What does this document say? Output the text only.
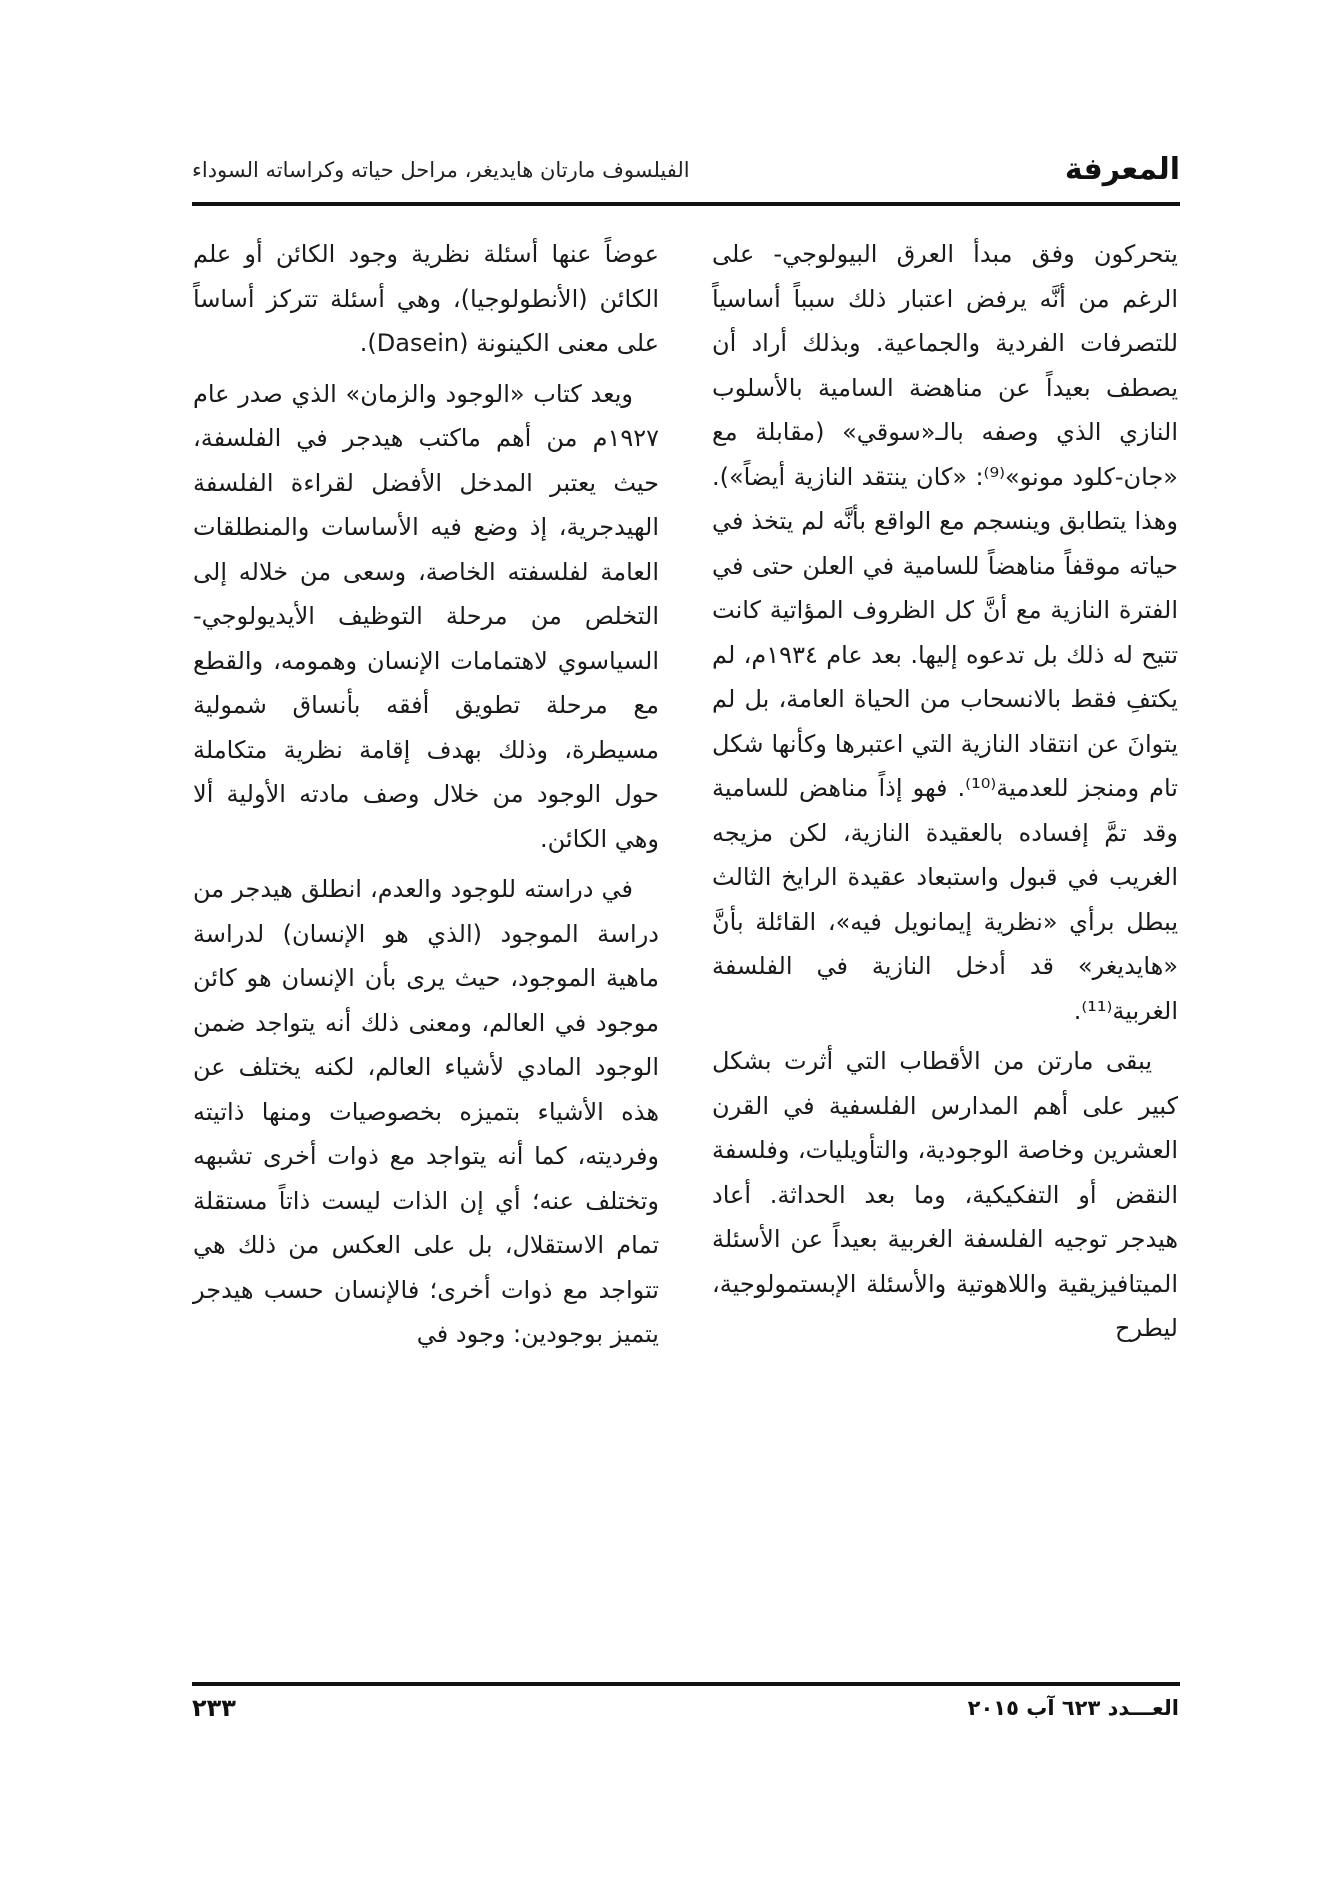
المعرفة
الفيلسوف مارتان هايديغر، مراحل حياته وكراساته السوداء

يتحركون وفق مبدأ العرق البيولوجي- على الرغم من أنَّه يرفض اعتبار ذلك سبباً أساسياً للتصرفات الفردية والجماعية. وبذلك أراد أن يصطف بعيداً عن مناهضة السامية بالأسلوب النازي الذي وصفه بالـ«سوقي» (مقابلة مع «جان-كلود مونو»⁽⁹⁾: «كان ينتقد النازية أيضاً»). وهذا يتطابق وينسجم مع الواقع بأنَّه لم يتخذ في حياته موقفاً مناهضاً للسامية في العلن حتى في الفترة النازية مع أنَّ كل الظروف المؤاتية كانت تتيح له ذلك بل تدعوه إليها. بعد عام ١٩٣٤م، لم يكتفِ فقط بالانسحاب من الحياة العامة، بل لم يتوانَ عن انتقاد النازية التي اعتبرها وكأنها شكل تام ومنجز للعدمية⁽¹⁰⁾. فهو إذاً مناهض للسامية وقد تمَّ إفساده بالعقيدة النازية، لكن مزيجه الغريب في قبول واستبعاد عقيدة الرايخ الثالث يبطل برأي «نظرية إيمانويل فيه»، القائلة بأنَّ «هايديغر» قد أدخل النازية في الفلسفة الغربية⁽¹¹⁾.

يبقى مارتن من الأقطاب التي أثرت بشكل كبير على أهم المدارس الفلسفية في القرن العشرين وخاصة الوجودية، والتأويليات، وفلسفة النقض أو التفكيكية، وما بعد الحداثة. أعاد هيدجر توجيه الفلسفة الغربية بعيداً عن الأسئلة الميتافيزيقية واللاهوتية والأسئلة الإبستمولوجية، ليطرح

عوضاً عنها أسئلة نظرية وجود الكائن أو علم الكائن (الأنطولوجيا)، وهي أسئلة تتركز أساساً على معنى الكينونة (Dasein).

ويعد كتاب «الوجود والزمان» الذي صدر عام ١٩٢٧م من أهم ماكتب هيدجر في الفلسفة، حيث يعتبر المدخل الأفضل لقراءة الفلسفة الهيدجرية، إذ وضع فيه الأساسات والمنطلقات العامة لفلسفته الخاصة، وسعى من خلاله إلى التخلص من مرحلة التوظيف الأيديولوجي-السياسوي لاهتمامات الإنسان وهمومه، والقطع مع مرحلة تطويق أفقه بأنساق شمولية مسيطرة، وذلك بهدف إقامة نظرية متكاملة حول الوجود من خلال وصف مادته الأولية ألا وهي الكائن.

في دراسته للوجود والعدم، انطلق هيدجر من دراسة الموجود (الذي هو الإنسان) لدراسة ماهية الموجود، حيث يرى بأن الإنسان هو كائن موجود في العالم، ومعنى ذلك أنه يتواجد ضمن الوجود المادي لأشياء العالم، لكنه يختلف عن هذه الأشياء بتميزه بخصوصيات ومنها ذاتيته وفرديته، كما أنه يتواجد مع ذوات أخرى تشبهه وتختلف عنه؛ أي إن الذات ليست ذاتاً مستقلة تمام الاستقلال، بل على العكس من ذلك هي تتواجد مع ذوات أخرى؛ فالإنسان حسب هيدجر يتميز بوجودين: وجود في

العـــدد ٦٢٣ آب ٢٠١٥
٢٣٣
